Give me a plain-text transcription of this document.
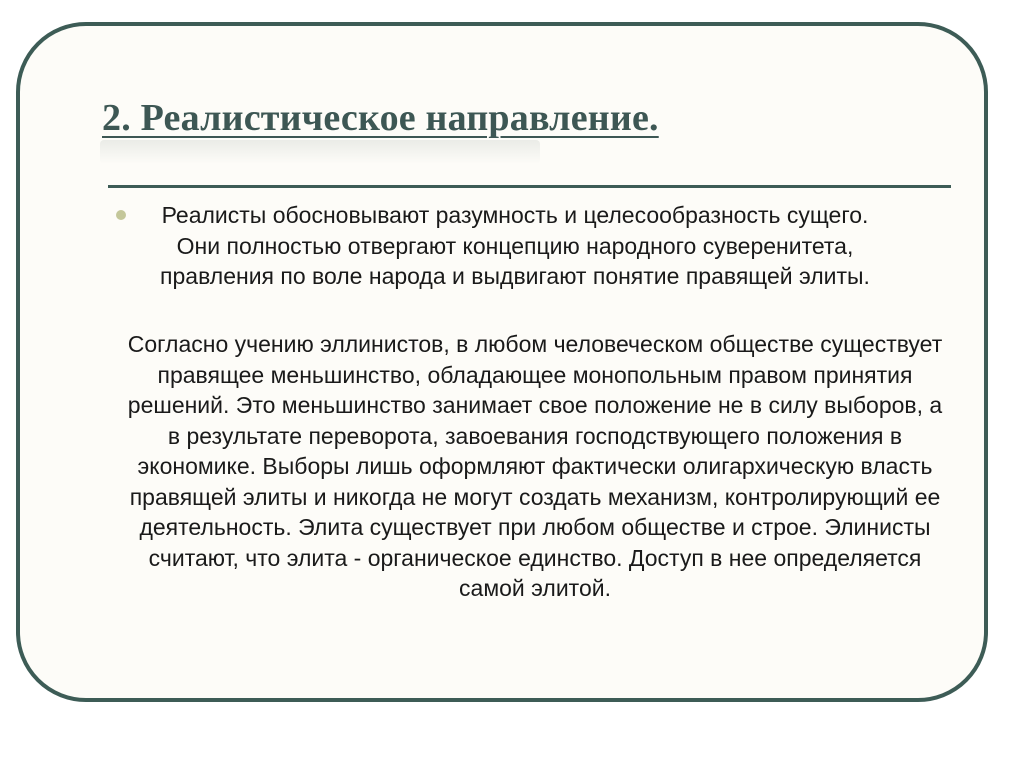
2. Реалистическое направление.

Реалисты обосновывают разумность и целесообразность сущего. Они полностью отвергают концепцию народного суверенитета, правления по воле народа и выдвигают понятие правящей элиты.

Согласно учению эллинистов, в любом человеческом обществе существует правящее меньшинство, обладающее монопольным правом принятия решений. Это меньшинство занимает свое положение не в силу выборов, а в результате переворота, завоевания господствующего положения в экономике. Выборы лишь оформляют фактически олигархическую власть правящей элиты и никогда не могут создать механизм, контролирующий ее деятельность. Элита существует при любом обществе и строе. Элинисты считают, что элита - органическое единство. Доступ в нее определяется самой элитой.
